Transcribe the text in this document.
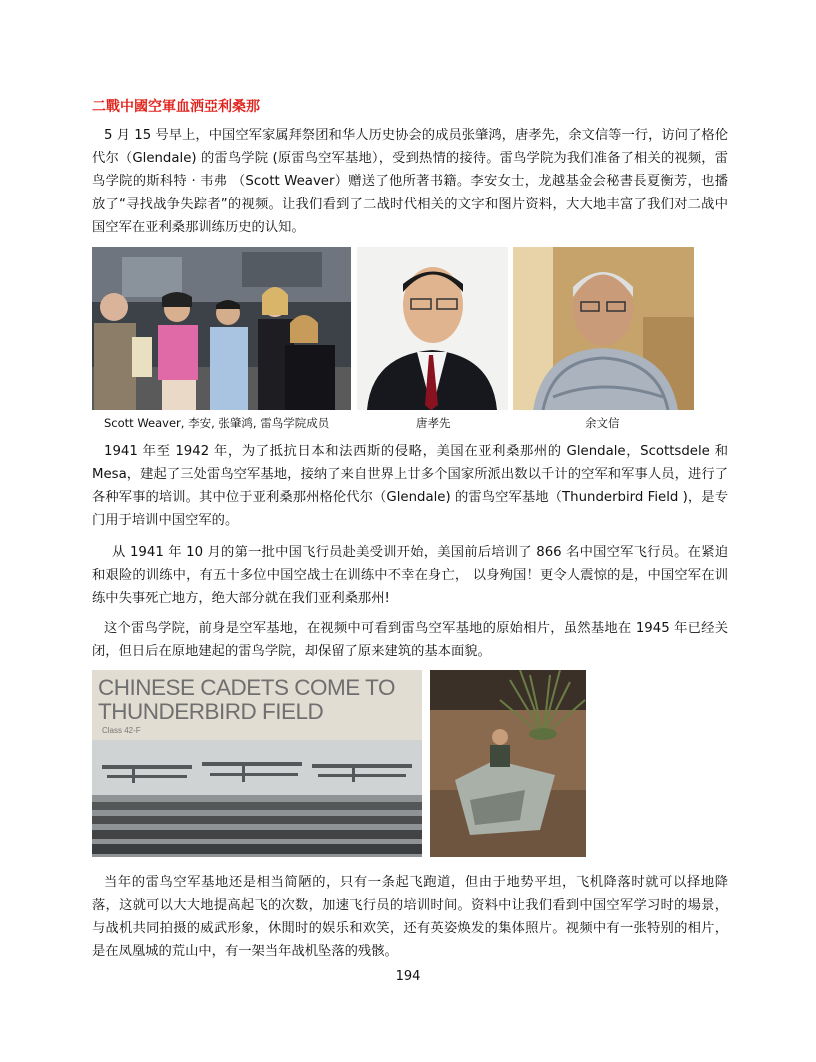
二戰中國空軍血洒亞利桑那

5 月 15 号早上，中国空军家属拜祭团和华人历史协会的成员张肇鸿，唐孝先，余文信等一行，访问了格伦代尔（Glendale) 的雷鸟学院 (原雷鸟空军基地），受到热情的接待。雷鸟学院为我们准备了相关的视频，雷鸟学院的斯科特 · 韦弗 （Scott Weaver）赠送了他所著书籍。李安女士，龙越基金会秘書長夏衡芳，也播放了“寻找战争失踪者”的视频。让我们看到了二战时代相关的文字和图片资料，大大地丰富了我们对二战中国空军在亚利桑那训练历史的认知。

Scott Weaver, 李安, 张肇鸿, 雷鸟学院成员	唐孝先	余文信

1941 年至 1942 年，为了抵抗日本和法西斯的侵略，美国在亚利桑那州的 Glendale，Scottsdele 和 Mesa，建起了三处雷鸟空军基地，接纳了来自世界上廿多个国家所派出数以千计的空军和军事人员，进行了各种军事的培训。其中位于亚利桑那州格伦代尔（Glendale) 的雷鸟空军基地（Thunderbird Field )，是专门用于培训中国空军的。

从 1941 年 10 月的第一批中国飞行员赴美受训开始，美国前后培训了 866 名中国空军飞行员。在紧迫和艰险的训练中，有五十多位中国空战士在训练中不幸在身亡， 以身殉国！更令人震惊的是，中国空军在训练中失事死亡地方，绝大部分就在我们亚利桑那州!

这个雷鸟学院，前身是空军基地，在视频中可看到雷鸟空军基地的原始相片，虽然基地在 1945 年已经关闭，但日后在原地建起的雷鸟学院，却保留了原来建筑的基本面貌。

CHINESE CADETS COME TO
THUNDERBIRD FIELD
Class 42-F

当年的雷鸟空军基地还是相当简陋的，只有一条起飞跑道，但由于地势平坦，飞机降落时就可以择地降落，这就可以大大地提高起飞的次数，加速飞行员的培训时间。资料中让我们看到中国空军学习时的場景，与战机共同拍摄的威武形象，休閒时的娱乐和欢笑，还有英姿焕发的集体照片。视频中有一张特别的相片，是在凤凰城的荒山中，有一架当年战机坠落的残骸。

194
